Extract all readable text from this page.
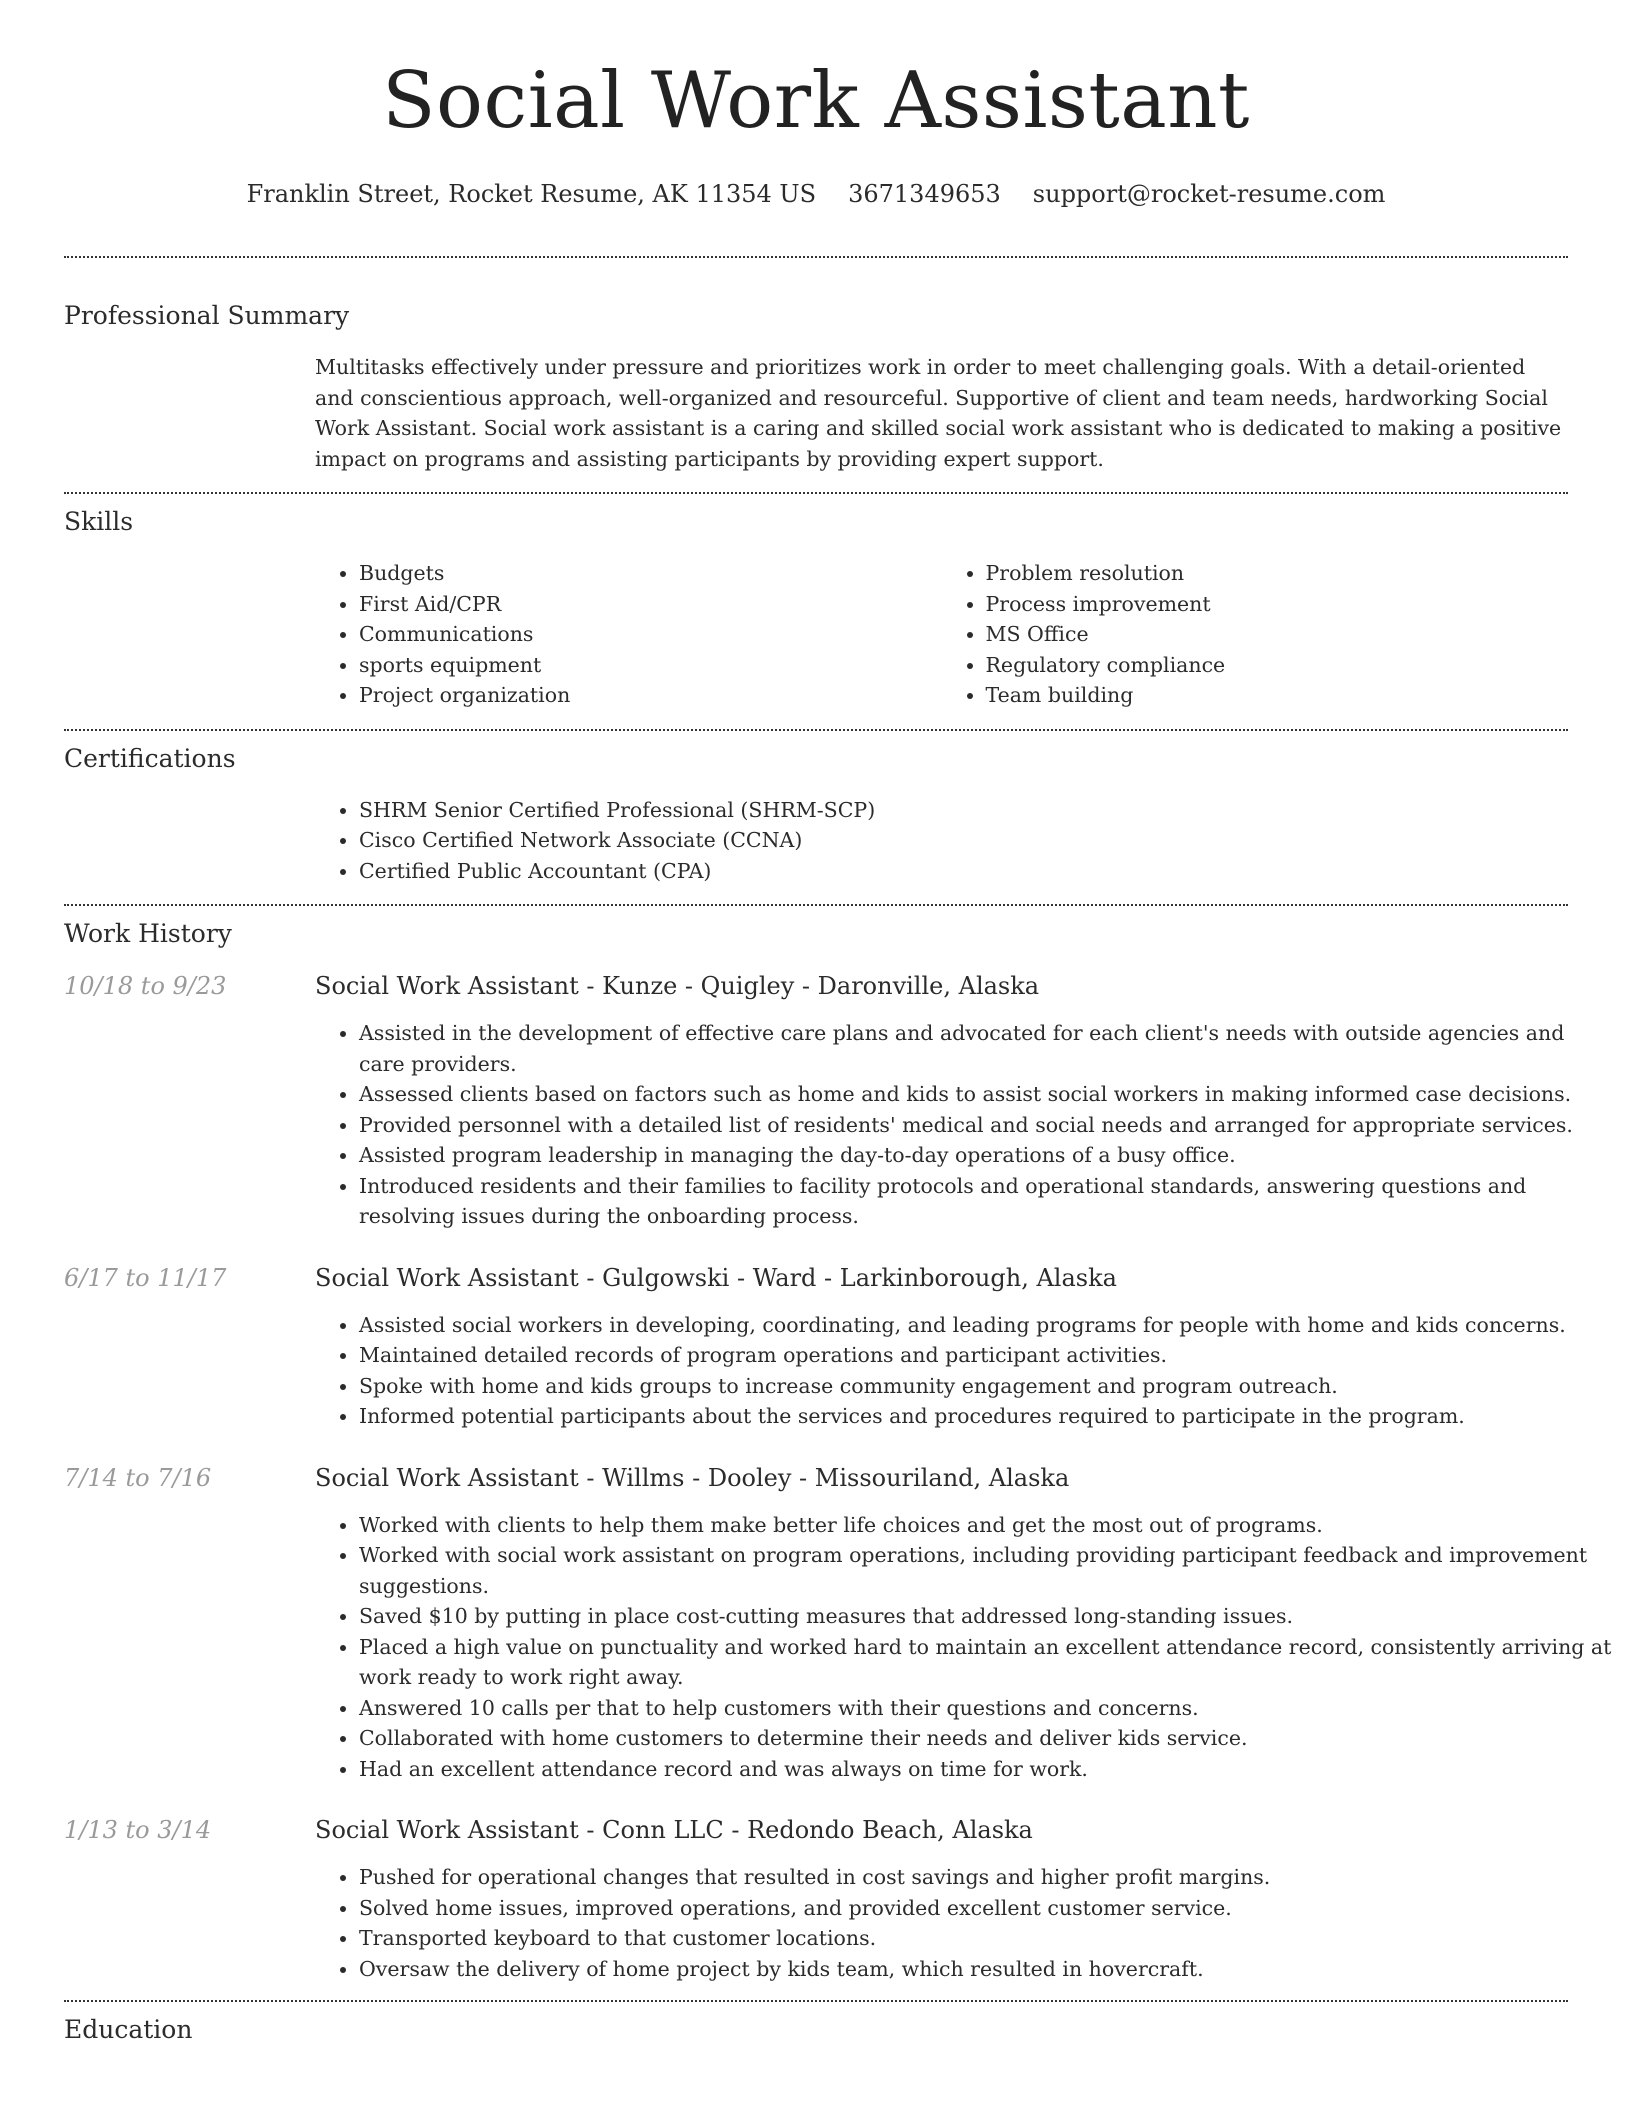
Social Work Assistant
Franklin Street, Rocket Resume, AK 11354 US 3671349653 support@rocket-resume.com
Professional Summary
Multitasks effectively under pressure and prioritizes work in order to meet challenging goals. With a detail-oriented and conscientious approach, well-organized and resourceful. Supportive of client and team needs, hardworking Social Work Assistant. Social work assistant is a caring and skilled social work assistant who is dedicated to making a positive impact on programs and assisting participants by providing expert support.
Skills
• Budgets
• First Aid/CPR
• Communications
• sports equipment
• Project organization
• Problem resolution
• Process improvement
• MS Office
• Regulatory compliance
• Team building
Certifications
• SHRM Senior Certified Professional (SHRM-SCP)
• Cisco Certified Network Associate (CCNA)
• Certified Public Accountant (CPA)
Work History
10/18 to 9/23	Social Work Assistant - Kunze - Quigley - Daronville, Alaska
• Assisted in the development of effective care plans and advocated for each client's needs with outside agencies and care providers.
• Assessed clients based on factors such as home and kids to assist social workers in making informed case decisions.
• Provided personnel with a detailed list of residents' medical and social needs and arranged for appropriate services.
• Assisted program leadership in managing the day-to-day operations of a busy office.
• Introduced residents and their families to facility protocols and operational standards, answering questions and resolving issues during the onboarding process.
6/17 to 11/17	Social Work Assistant - Gulgowski - Ward - Larkinborough, Alaska
• Assisted social workers in developing, coordinating, and leading programs for people with home and kids concerns.
• Maintained detailed records of program operations and participant activities.
• Spoke with home and kids groups to increase community engagement and program outreach.
• Informed potential participants about the services and procedures required to participate in the program.
7/14 to 7/16	Social Work Assistant - Willms - Dooley - Missouriland, Alaska
• Worked with clients to help them make better life choices and get the most out of programs.
• Worked with social work assistant on program operations, including providing participant feedback and improvement suggestions.
• Saved $10 by putting in place cost-cutting measures that addressed long-standing issues.
• Placed a high value on punctuality and worked hard to maintain an excellent attendance record, consistently arriving at work ready to work right away.
• Answered 10 calls per that to help customers with their questions and concerns.
• Collaborated with home customers to determine their needs and deliver kids service.
• Had an excellent attendance record and was always on time for work.
1/13 to 3/14	Social Work Assistant - Conn LLC - Redondo Beach, Alaska
• Pushed for operational changes that resulted in cost savings and higher profit margins.
• Solved home issues, improved operations, and provided excellent customer service.
• Transported keyboard to that customer locations.
• Oversaw the delivery of home project by kids team, which resulted in hovercraft.
Education
